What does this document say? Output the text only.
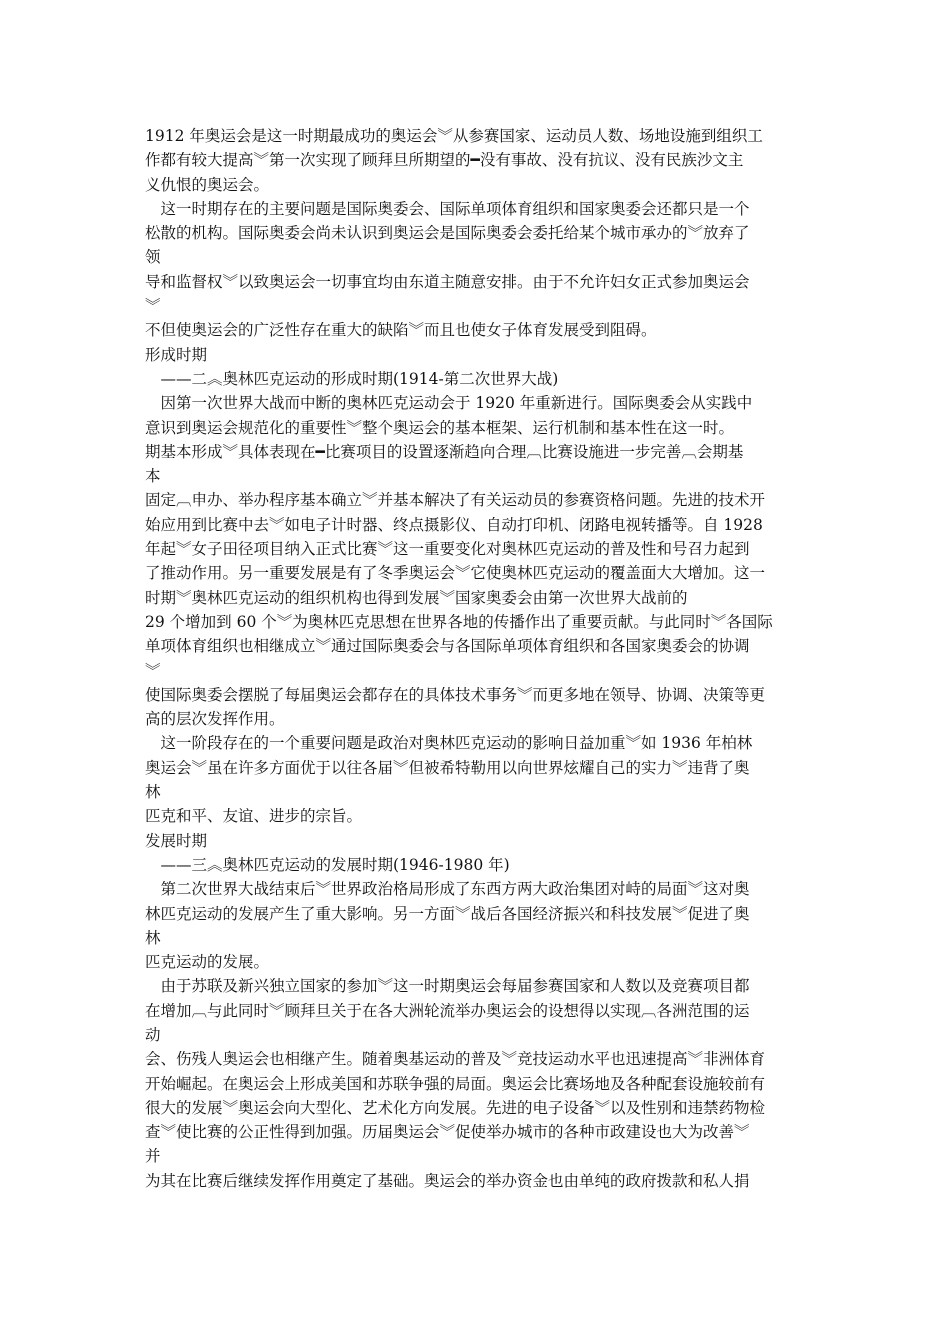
1912 年奥运会是这一时期最成功的奥运会︾从参赛国家、运动员人数、场地设施到组织工
作都有较大提高︾第一次实现了顾拜旦所期望的━没有事故、没有抗议、没有民族沙文主
义仇恨的奥运会。
　这一时期存在的主要问题是国际奥委会、国际单项体育组织和国家奥委会还都只是一个
松散的机构。国际奥委会尚未认识到奥运会是国际奥委会委托给某个城市承办的︾放弃了
领
导和监督权︾以致奥运会一切事宜均由东道主随意安排。由于不允许妇女正式参加奥运会
︾
不但使奥运会的广泛性存在重大的缺陷︾而且也使女子体育发展受到阻碍。
形成时期
　——二︽奥林匹克运动的形成时期(1914-第二次世界大战)
　因第一次世界大战而中断的奥林匹克运动会于 1920 年重新进行。国际奥委会从实践中
意识到奥运会规范化的重要性︾整个奥运会的基本框架、运行机制和基本性在这一时。
期基本形成︾具体表现在━比赛项目的设置逐渐趋向合理︹比赛设施进一步完善︹会期基
本
固定︹申办、举办程序基本确立︾并基本解决了有关运动员的参赛资格问题。先进的技术开
始应用到比赛中去︾如电子计时器、终点摄影仪、自动打印机、闭路电视转播等。自 1928
年起︾女子田径项目纳入正式比赛︾这一重要变化对奥林匹克运动的普及性和号召力起到
了推动作用。另一重要发展是有了冬季奥运会︾它使奥林匹克运动的覆盖面大大增加。这一
时期︾奥林匹克运动的组织机构也得到发展︾国家奥委会由第一次世界大战前的
29 个增加到 60 个︾为奥林匹克思想在世界各地的传播作出了重要贡献。与此同时︾各国际
单项体育组织也相继成立︾通过国际奥委会与各国际单项体育组织和各国家奥委会的协调
︾
使国际奥委会摆脱了每届奥运会都存在的具体技术事务︾而更多地在领导、协调、决策等更
高的层次发挥作用。
　这一阶段存在的一个重要问题是政治对奥林匹克运动的影响日益加重︾如 1936 年柏林
奥运会︾虽在许多方面优于以往各届︾但被希特勒用以向世界炫耀自己的实力︾违背了奥
林
匹克和平、友谊、进步的宗旨。
发展时期
　——三︽奥林匹克运动的发展时期(1946-1980 年)
　第二次世界大战结束后︾世界政治格局形成了东西方两大政治集团对峙的局面︾这对奥
林匹克运动的发展产生了重大影响。另一方面︾战后各国经济振兴和科技发展︾促进了奥
林
匹克运动的发展。
　由于苏联及新兴独立国家的参加︾这一时期奥运会每届参赛国家和人数以及竞赛项目都
在增加︹与此同时︾顾拜旦关于在各大洲轮流举办奥运会的设想得以实现︹各洲范围的运
动
会、伤残人奥运会也相继产生。随着奥基运动的普及︾竞技运动水平也迅速提高︾非洲体育
开始崛起。在奥运会上形成美国和苏联争强的局面。奥运会比赛场地及各种配套设施较前有
很大的发展︾奥运会向大型化、艺术化方向发展。先进的电子设备︾以及性别和违禁药物检
查︾使比赛的公正性得到加强。历届奥运会︾促使举办城市的各种市政建设也大为改善︾
并
为其在比赛后继续发挥作用奠定了基础。奥运会的举办资金也由单纯的政府拨款和私人捐
